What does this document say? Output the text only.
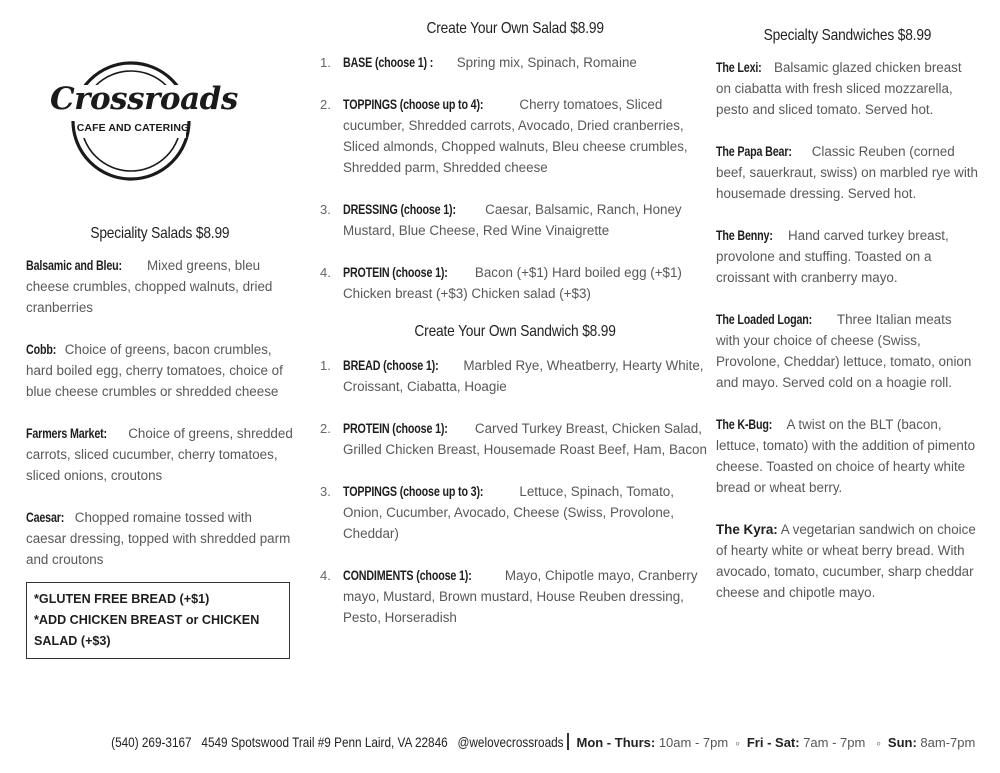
Crossroads
CAFE AND CATERING
Speciality Salads $8.99
Balsamic and Bleu: Mixed greens, bleu cheese crumbles, chopped walnuts, dried cranberries
Cobb: Choice of greens, bacon crumbles, hard boiled egg, cherry tomatoes, choice of blue cheese crumbles or shredded cheese
Farmers Market: Choice of greens, shredded carrots, sliced cucumber, cherry tomatoes, sliced onions, croutons
Caesar: Chopped romaine tossed with caesar dressing, topped with shredded parm and croutons
*GLUTEN FREE BREAD (+$1)
*ADD CHICKEN BREAST or CHICKEN SALAD (+$3)
Create Your Own Salad $8.99
1. BASE (choose 1) : Spring mix, Spinach, Romaine
2. TOPPINGS (choose up to 4): Cherry tomatoes, Sliced cucumber, Shredded carrots, Avocado, Dried cranberries, Sliced almonds, Chopped walnuts, Bleu cheese crumbles, Shredded parm, Shredded cheese
3. DRESSING (choose 1): Caesar, Balsamic, Ranch, Honey Mustard, Blue Cheese, Red Wine Vinaigrette
4. PROTEIN (choose 1): Bacon (+$1) Hard boiled egg (+$1) Chicken breast (+$3) Chicken salad (+$3)
Create Your Own Sandwich $8.99
1. BREAD (choose 1): Marbled Rye, Wheatberry, Hearty White, Croissant, Ciabatta, Hoagie
2. PROTEIN (choose 1): Carved Turkey Breast, Chicken Salad, Grilled Chicken Breast, Housemade Roast Beef, Ham, Bacon
3. TOPPINGS (choose up to 3): Lettuce, Spinach, Tomato, Onion, Cucumber, Avocado, Cheese (Swiss, Provolone, Cheddar)
4. CONDIMENTS (choose 1): Mayo, Chipotle mayo, Cranberry mayo, Mustard, Brown mustard, House Reuben dressing, Pesto, Horseradish
Specialty Sandwiches $8.99
The Lexi: Balsamic glazed chicken breast on ciabatta with fresh sliced mozzarella, pesto and sliced tomato. Served hot.
The Papa Bear: Classic Reuben (corned beef, sauerkraut, swiss) on marbled rye with housemade dressing. Served hot.
The Benny: Hand carved turkey breast, provolone and stuffing. Toasted on a croissant with cranberry mayo.
The Loaded Logan: Three Italian meats with your choice of cheese (Swiss, Provolone, Cheddar) lettuce, tomato, onion and mayo. Served cold on a hoagie roll.
The K-Bug: A twist on the BLT (bacon, lettuce, tomato) with the addition of pimento cheese. Toasted on choice of hearty white bread or wheat berry.
The Kyra: A vegetarian sandwich on choice of hearty white or wheat berry bread. With avocado, tomato, cucumber, sharp cheddar cheese and chipotle mayo.
(540) 269-3167 4549 Spotswood Trail #9 Penn Laird, VA 22846 @welovecrossroads Mon - Thurs: 10am - 7pm ∘ Fri - Sat: 7am - 7pm ∘ Sun: 8am-7pm
